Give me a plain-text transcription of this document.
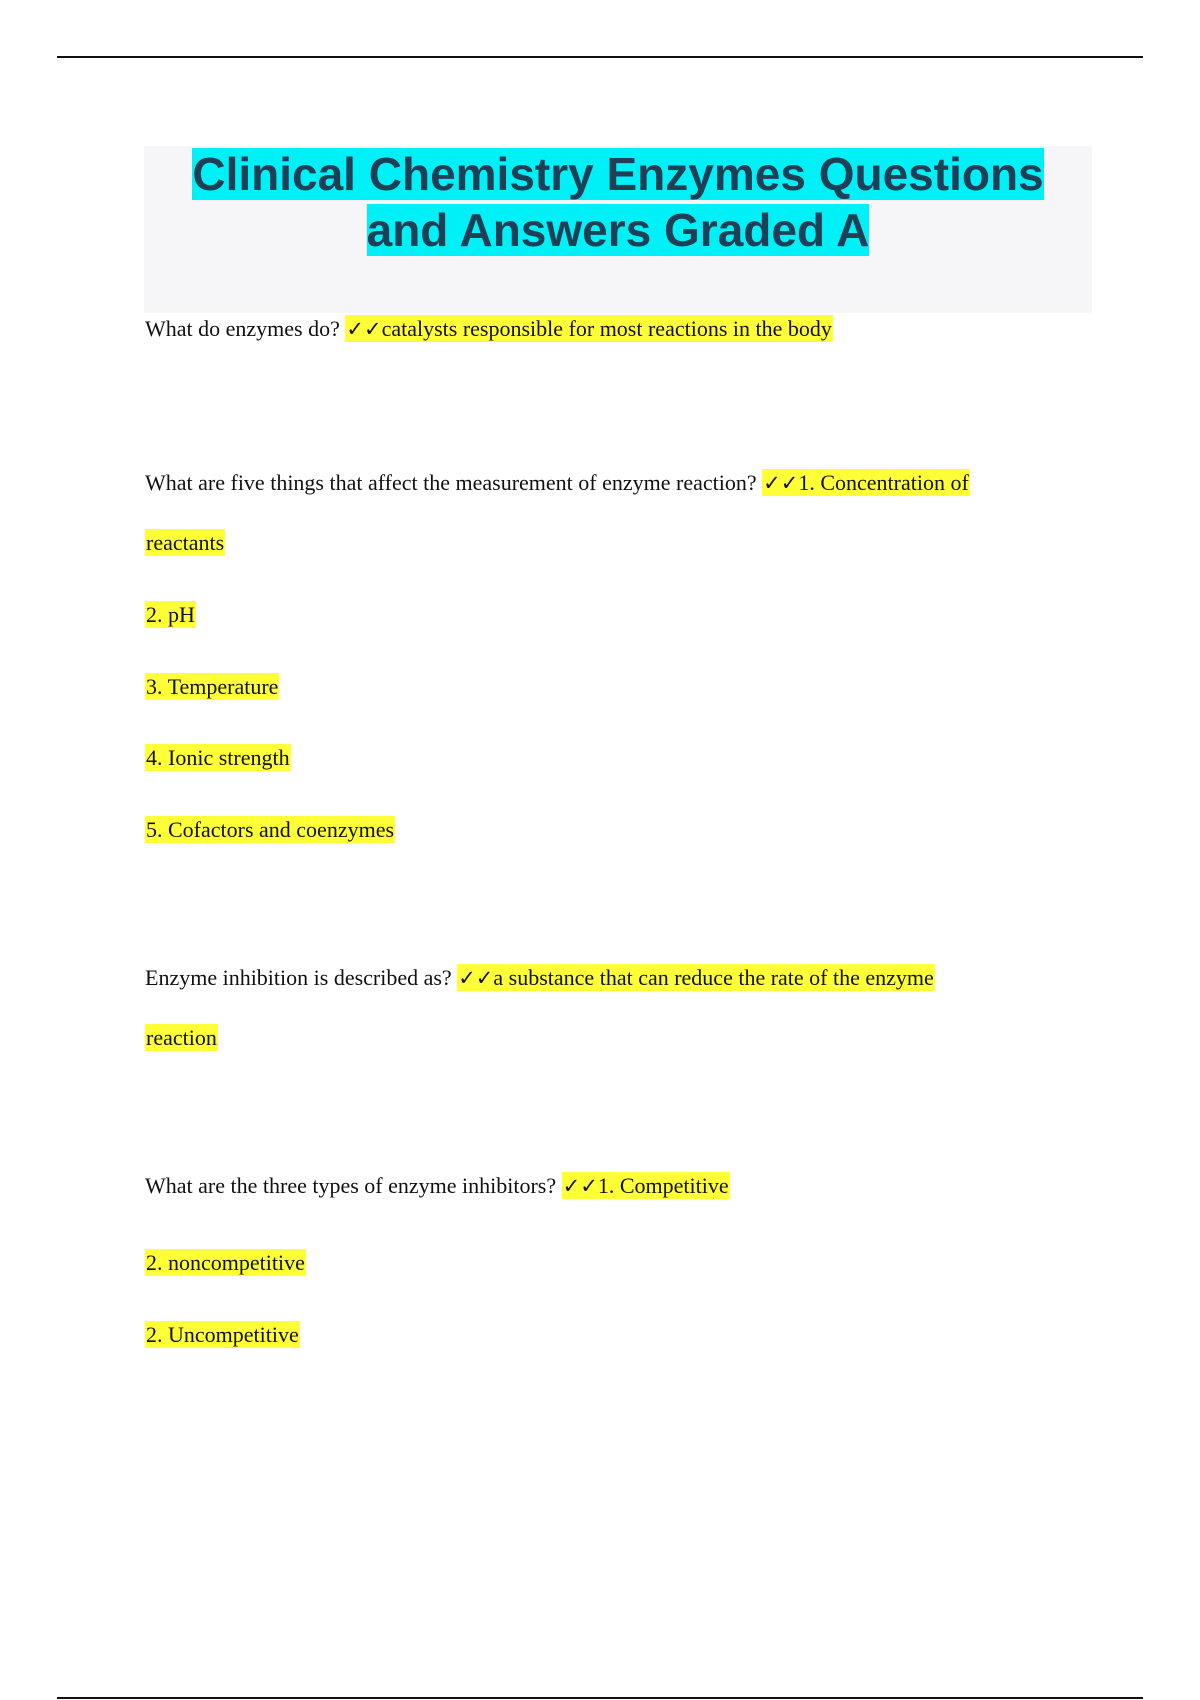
Clinical Chemistry Enzymes Questions
and Answers Graded A
What do enzymes do? ✓✓catalysts responsible for most reactions in the body
What are five things that affect the measurement of enzyme reaction? ✓✓1. Concentration of
reactants
2. pH
3. Temperature
4. Ionic strength
5. Cofactors and coenzymes
Enzyme inhibition is described as? ✓✓a substance that can reduce the rate of the enzyme
reaction
What are the three types of enzyme inhibitors? ✓✓1. Competitive
2. noncompetitive
2. Uncompetitive
